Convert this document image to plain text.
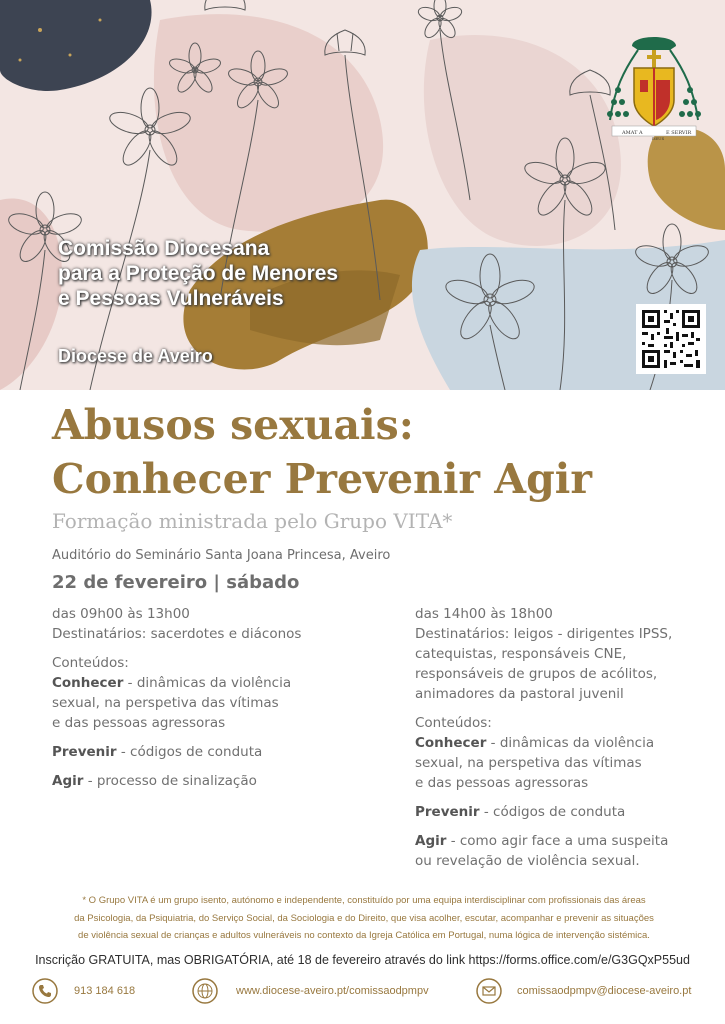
Comissão Diocesana
para a Proteção de Menores
e Pessoas Vulneráveis
Diocese de Aveiro
AMAT A
DEUS
E SERVIR
Abusos sexuais:
Conhecer Prevenir Agir
Formação ministrada pelo Grupo VITA*
Auditório do Seminário Santa Joana Princesa, Aveiro
22 de fevereiro | sábado

das 09h00 às 13h00
Destinatários: sacerdotes e diáconos

Conteúdos:
Conhecer - dinâmicas da violência
sexual, na perspetiva das vítimas
e das pessoas agressoras

Prevenir - códigos de conduta

Agir - processo de sinalização

das 14h00 às 18h00
Destinatários: leigos - dirigentes IPSS,
catequistas, responsáveis CNE,
responsáveis de grupos de acólitos,
animadores da pastoral juvenil

Conteúdos:
Conhecer - dinâmicas da violência
sexual, na perspetiva das vítimas
e das pessoas agressoras

Prevenir - códigos de conduta

Agir - como agir face a uma suspeita
ou revelação de violência sexual.

* O Grupo VITA é um grupo isento, autónomo e independente, constituído por uma equipa interdisciplinar com profissionais das áreas
da Psicologia, da Psiquiatria, do Serviço Social, da Sociologia e do Direito, que visa acolher, escutar, acompanhar e prevenir as situações
de violência sexual de crianças e adultos vulneráveis no contexto da Igreja Católica em Portugal, numa lógica de intervenção sistémica.
Inscrição GRATUITA, mas OBRIGATÓRIA, até 18 de fevereiro através do link https://forms.office.com/e/G3GQxP55ud
913 184 618	www.diocese-aveiro.pt/comissaodpmpv	comissaodpmpv@diocese-aveiro.pt
